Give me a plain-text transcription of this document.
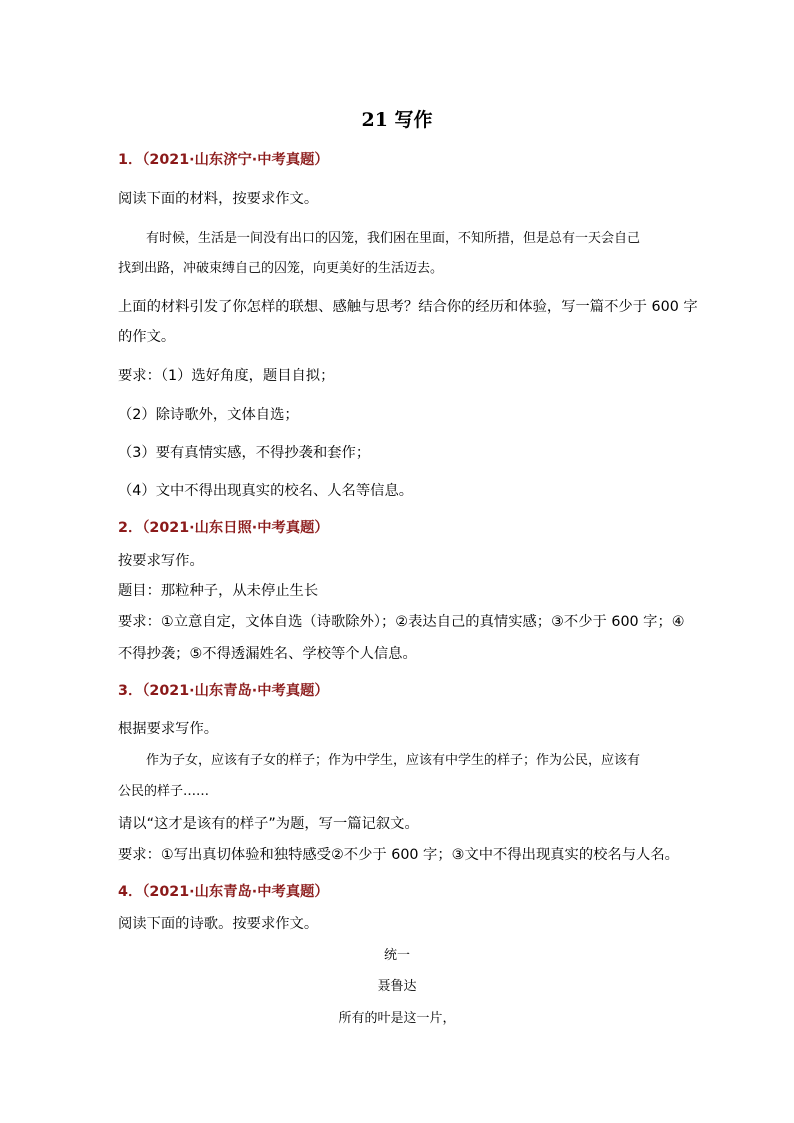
21 写作
1．（2021·山东济宁·中考真题）
阅读下面的材料，按要求作文。
有时候，生活是一间没有出口的囚笼，我们困在里面，不知所措，但是总有一天会自己
找到出路，冲破束缚自己的囚笼，向更美好的生活迈去。
上面的材料引发了你怎样的联想、感触与思考？结合你的经历和体验，写一篇不少于 600 字
的作文。
要求：（1）选好角度，题目自拟；
（2）除诗歌外，文体自选；
（3）要有真情实感，不得抄袭和套作；
（4）文中不得出现真实的校名、人名等信息。
2．（2021·山东日照·中考真题）
按要求写作。
题目：那粒种子，从未停止生长
要求：①立意自定，文体自选（诗歌除外）；②表达自己的真情实感；③不少于 600 字；④
不得抄袭；⑤不得透漏姓名、学校等个人信息。
3．（2021·山东青岛·中考真题）
根据要求写作。
作为子女，应该有子女的样子；作为中学生，应该有中学生的样子；作为公民，应该有
公民的样子……
请以“这才是该有的样子”为题，写一篇记叙文。
要求：①写出真切体验和独特感受②不少于 600 字；③文中不得出现真实的校名与人名。
4．（2021·山东青岛·中考真题）
阅读下面的诗歌。按要求作文。
统一
聂鲁达
所有的叶是这一片，
